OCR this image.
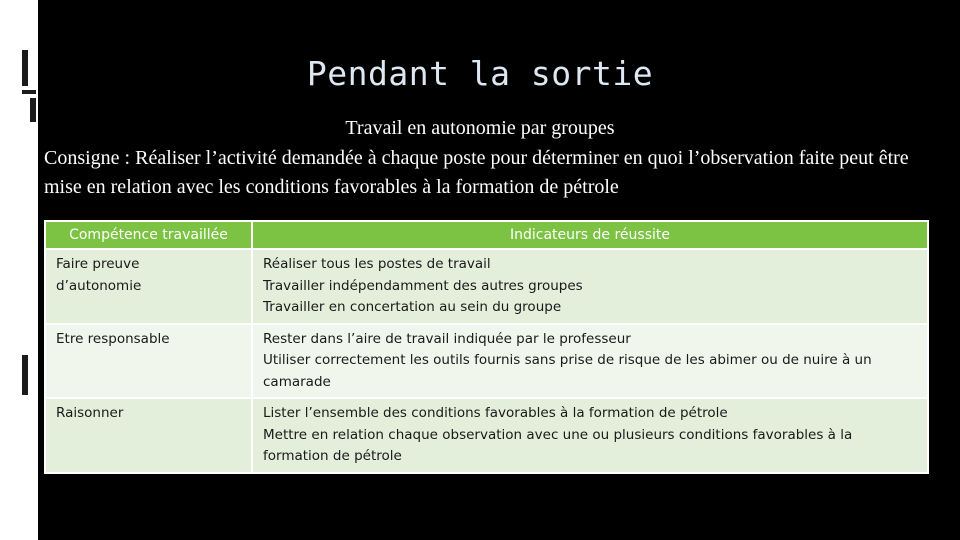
Pendant la sortie
Travail en autonomie par groupes
Consigne : Réaliser l’activité demandée à chaque poste pour déterminer en quoi l’observation faite peut être mise en relation avec les conditions favorables à la formation de pétrole
Compétence travaillée	Indicateurs de réussite

Faire preuve
d’autonomie	Réaliser tous les postes de travail
Travailler indépendamment des autres groupes
Travailler en concertation au sein du groupe

Etre responsable	Rester dans l’aire de travail indiquée par le professeur
Utiliser correctement les outils fournis sans prise de risque de les abimer ou de nuire à un
camarade

Raisonner	Lister l’ensemble des conditions favorables à la formation de pétrole
Mettre en relation chaque observation avec une ou plusieurs conditions favorables à la
formation de pétrole
